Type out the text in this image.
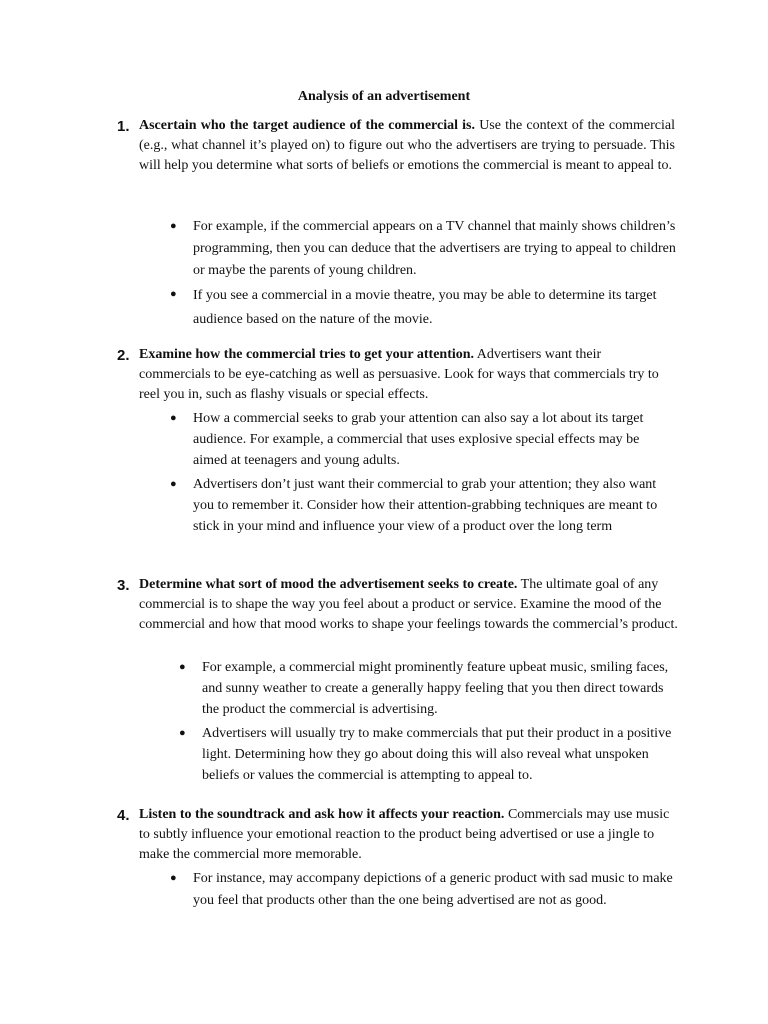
Analysis of an advertisement
1. Ascertain who the target audience of the commercial is. Use the context of the commercial (e.g., what channel it’s played on) to figure out who the advertisers are trying to persuade. This will help you determine what sorts of beliefs or emotions the commercial is meant to appeal to.
● For example, if the commercial appears on a TV channel that mainly shows children’s programming, then you can deduce that the advertisers are trying to appeal to children or maybe the parents of young children.
● If you see a commercial in a movie theatre, you may be able to determine its target audience based on the nature of the movie.
2. Examine how the commercial tries to get your attention. Advertisers want their commercials to be eye-catching as well as persuasive. Look for ways that commercials try to reel you in, such as flashy visuals or special effects.
● How a commercial seeks to grab your attention can also say a lot about its target audience. For example, a commercial that uses explosive special effects may be aimed at teenagers and young adults.
● Advertisers don’t just want their commercial to grab your attention; they also want you to remember it. Consider how their attention-grabbing techniques are meant to stick in your mind and influence your view of a product over the long term
3. Determine what sort of mood the advertisement seeks to create. The ultimate goal of any commercial is to shape the way you feel about a product or service. Examine the mood of the commercial and how that mood works to shape your feelings towards the commercial’s product.
● For example, a commercial might prominently feature upbeat music, smiling faces, and sunny weather to create a generally happy feeling that you then direct towards the product the commercial is advertising.
● Advertisers will usually try to make commercials that put their product in a positive light. Determining how they go about doing this will also reveal what unspoken beliefs or values the commercial is attempting to appeal to.
4. Listen to the soundtrack and ask how it affects your reaction. Commercials may use music to subtly influence your emotional reaction to the product being advertised or use a jingle to make the commercial more memorable.
● For instance, may accompany depictions of a generic product with sad music to make you feel that products other than the one being advertised are not as good.
